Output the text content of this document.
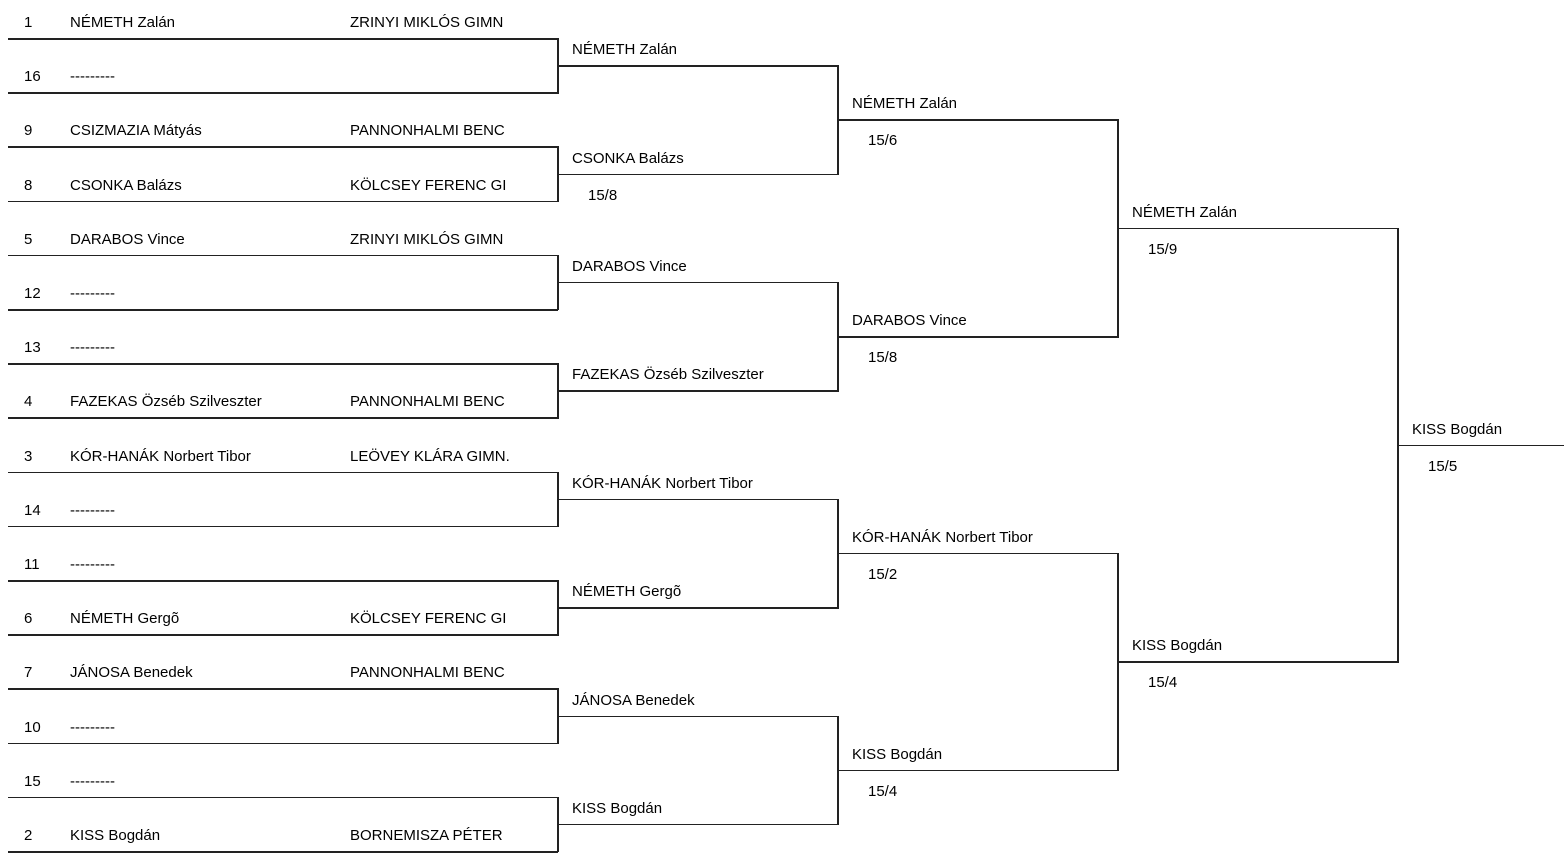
1	NÉMETH Zalán	ZRINYI MIKLÓS GIMN
16 ---------
9	CSIZMAZIA Mátyás	PANNONHALMI BENC
8	CSONKA Balázs	KÖLCSEY FERENC GI
5	DARABOS Vince	ZRINYI MIKLÓS GIMN
12 ---------
13 ---------
4	FAZEKAS Özséb Szilveszter	PANNONHALMI BENC
3	KÓR-HANÁK Norbert Tibor	LEÖVEY KLÁRA GIMN.
14 ---------
11 ---------
6	NÉMETH Gergõ	KÖLCSEY FERENC GI
7	JÁNOSA Benedek	PANNONHALMI BENC
10 ---------
15 ---------
2	KISS Bogdán	BORNEMISZA PÉTER
NÉMETH Zalán
CSONKA Balázs
15/8
DARABOS Vince
FAZEKAS Özséb Szilveszter
KÓR-HANÁK Norbert Tibor
NÉMETH Gergõ
JÁNOSA Benedek
KISS Bogdán
NÉMETH Zalán
15/6
DARABOS Vince
15/8
KÓR-HANÁK Norbert Tibor
15/2
KISS Bogdán
15/4
NÉMETH Zalán
15/9
KISS Bogdán
15/4
KISS Bogdán
15/5
